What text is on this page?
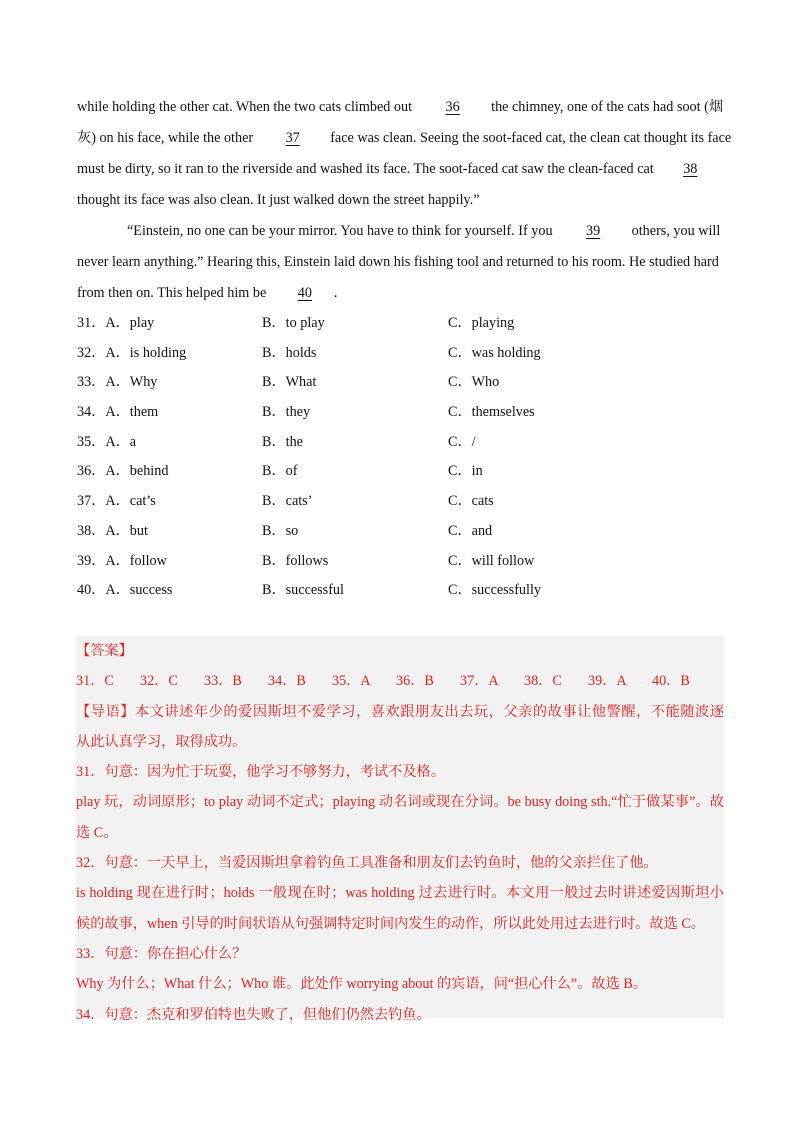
while holding the other cat. When the two cats climbed out 36 the chimney, one of the cats had soot (烟
灰) on his face, while the other 37 face was clean. Seeing the soot-faced cat, the clean cat thought its face
must be dirty, so it ran to the riverside and washed its face. The soot-faced cat saw the clean-faced cat 38
thought its face was also clean. It just walked down the street happily.”
“Einstein, no one can be your mirror. You have to think for yourself. If you 39 others, you will
never learn anything.” Hearing this, Einstein laid down his fishing tool and returned to his room. He studied hard
from then on. This helped him be 40 .
31．A．play	B．to play	C．playing
32．A．is holding	B．holds	C．was holding
33．A．Why	B．What	C．Who
34．A．them	B．they	C．themselves
35．A．a	B．the	C．/
36．A．behind	B．of	C．in
37．A．cat’s	B．cats’	C．cats
38．A．but	B．so	C．and
39．A．follow	B．follows	C．will follow
40．A．success	B．successful	C．successfully
【答案】
31．C 32．C 33．B 34．B 35．A 36．B 37．A 38．C 39．A 40．B
【导语】本文讲述年少的爱因斯坦不爱学习，喜欢跟朋友出去玩，父亲的故事让他警醒，不能随波逐
从此认真学习，取得成功。
31．句意：因为忙于玩耍，他学习不够努力，考试不及格。
play 玩，动词原形；to play 动词不定式；playing 动名词或现在分词。be busy doing sth.“忙于做某事”。故
选 C。
32．句意：一天早上，当爱因斯坦拿着钓鱼工具准备和朋友们去钓鱼时，他的父亲拦住了他。
is holding 现在进行时；holds 一般现在时；was holding 过去进行时。本文用一般过去时讲述爱因斯坦小
候的故事，when 引导的时间状语从句强调特定时间内发生的动作，所以此处用过去进行时。故选 C。
33．句意：你在担心什么？
Why 为什么；What 什么；Who 谁。此处作 worrying about 的宾语，问“担心什么”。故选 B。
34．句意：杰克和罗伯特也失败了，但他们仍然去钓鱼。
